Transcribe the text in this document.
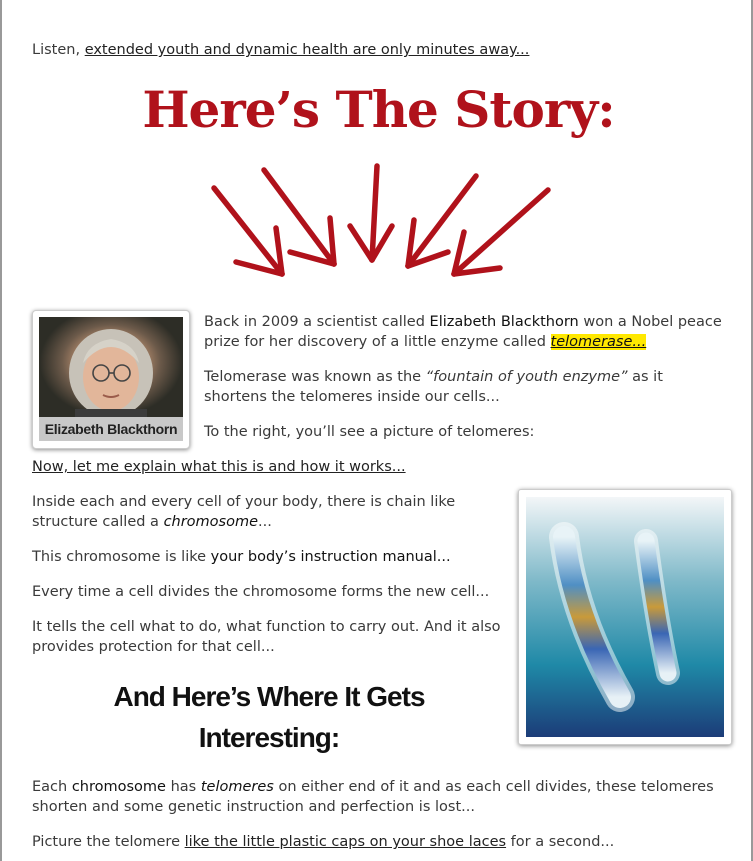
Listen, extended youth and dynamic health are only minutes away...

Here’s The Story:
Elizabeth Blackthorn

Back in 2009 a scientist called Elizabeth Blackthorn won a Nobel peace prize for her discovery of a little enzyme called telomerase...

Telomerase was known as the “fountain of youth enzyme” as it shortens the telomeres inside our cells...

To the right, you’ll see a picture of telomeres:

Now, let me explain what this is and how it works...

Inside each and every cell of your body, there is chain like structure called a chromosome...

This chromosome is like your body’s instruction manual...

Every time a cell divides the chromosome forms the new cell...

It tells the cell what to do, what function to carry out. And it also provides protection for that cell...

And Here’s Where It Gets Interesting:

Each chromosome has telomeres on either end of it and as each cell divides, these telomeres shorten and some genetic instruction and perfection is lost...

Picture the telomere like the little plastic caps on your shoe laces for a second...
